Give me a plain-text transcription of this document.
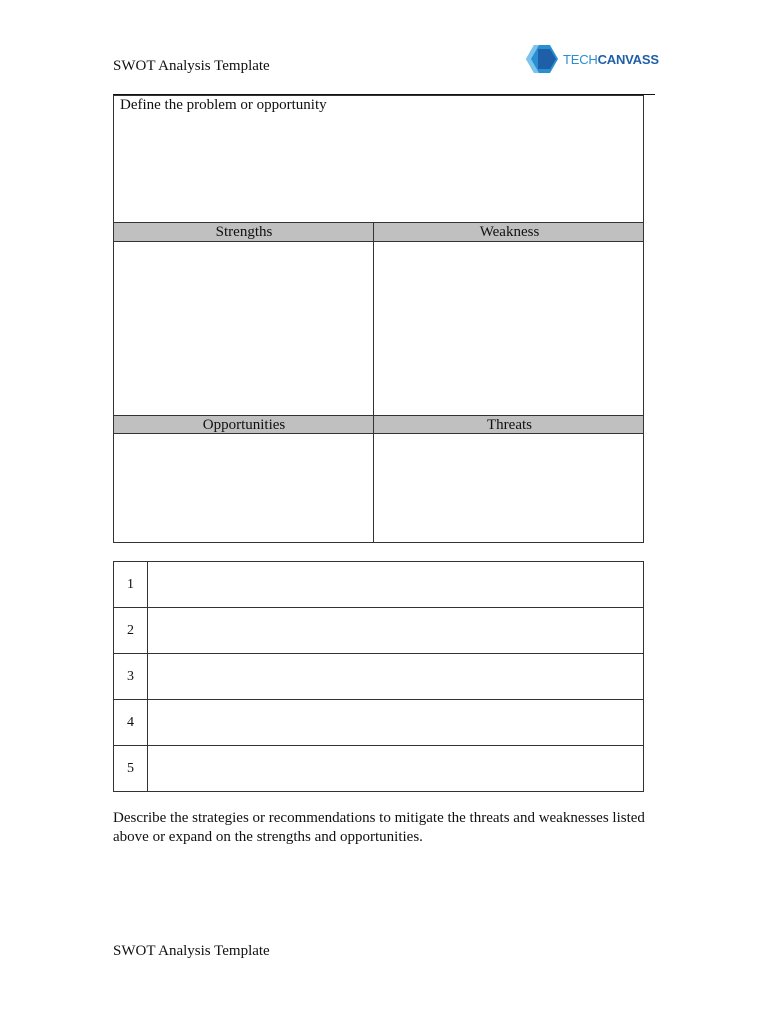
SWOT Analysis Template	TECHCANVASS
Define the problem or opportunity
Strengths	Weakness
Opportunities	Threats
1
2
3
4
5
Describe the strategies or recommendations to mitigate the threats and weaknesses listed above or expand on the strengths and opportunities.
SWOT Analysis Template
